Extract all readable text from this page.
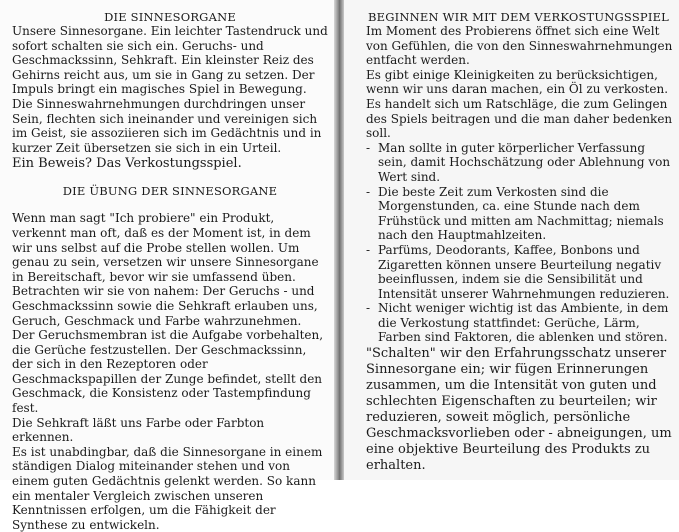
DIE SINNESORGANE

Unsere Sinnesorgane. Ein leichter Tastendruck und sofort schalten sie sich ein. Geruchs- und Geschmackssinn, Sehkraft. Ein kleinster Reiz des Gehirns reicht aus, um sie in Gang zu setzen. Der Impuls bringt ein magisches Spiel in Bewegung. Die Sinneswahrnehmungen durchdringen unser Sein, flechten sich ineinander und vereinigen sich im Geist, sie assoziieren sich im Gedächtnis und in kurzer Zeit übersetzen sie sich in ein Urteil.

Ein Beweis? Das Verkostungsspiel.

DIE ÜBUNG DER SINNESORGANE

Wenn man sagt "Ich probiere" ein Produkt, verkennt man oft, daß es der Moment ist, in dem wir uns selbst auf die Probe stellen wollen. Um genau zu sein, versetzen wir unsere Sinnesorgane in Bereitschaft, bevor wir sie umfassend üben.

Betrachten wir sie von nahem: Der Geruchs - und Geschmackssinn sowie die Sehkraft erlauben uns, Geruch, Geschmack und Farbe wahrzunehmen.

Der Geruchsmembran ist die Aufgabe vorbehalten, die Gerüche festzustellen. Der Geschmackssinn, der sich in den Rezeptoren oder Geschmackspapillen der Zunge befindet, stellt den Geschmack, die Konsistenz oder Tastempfindung fest.

Die Sehkraft läßt uns Farbe oder Farbton erkennen.

Es ist unabdingbar, daß die Sinnesorgane in einem ständigen Dialog miteinander stehen und von einem guten Gedächtnis gelenkt werden. So kann ein mentaler Vergleich zwischen unseren Kenntnissen erfolgen, um die Fähigkeit der Synthese zu entwickeln.

BEGINNEN WIR MIT DEM VERKOSTUNGSSPIEL

Im Moment des Probierens öffnet sich eine Welt von Gefühlen, die von den Sinneswahrnehmungen entfacht werden.

Es gibt einige Kleinigkeiten zu berücksichtigen, wenn wir uns daran machen, ein Öl zu verkosten. Es handelt sich um Ratschläge, die zum Gelingen des Spiels beitragen und die man daher bedenken soll.

- Man sollte in guter körperlicher Verfassung sein, damit Hochschätzung oder Ablehnung von Wert sind.
- Die beste Zeit zum Verkosten sind die Morgenstunden, ca. eine Stunde nach dem Frühstück und mitten am Nachmittag; niemals nach den Hauptmahlzeiten.
- Parfüms, Deodorants, Kaffee, Bonbons und Zigaretten können unsere Beurteilung negativ beeinflussen, indem sie die Sensibilität und Intensität unserer Wahrnehmungen reduzieren.
- Nicht weniger wichtig ist das Ambiente, in dem die Verkostung stattfindet: Gerüche, Lärm, Farben sind Faktoren, die ablenken und stören.

"Schalten" wir den Erfahrungsschatz unserer Sinnesorgane ein; wir fügen Erinnerungen zusammen, um die Intensität von guten und schlechten Eigenschaften zu beurteilen; wir reduzieren, soweit möglich, persönliche Geschmacksvorlieben oder - abneigungen, um eine objektive Beurteilung des Produkts zu erhalten.
